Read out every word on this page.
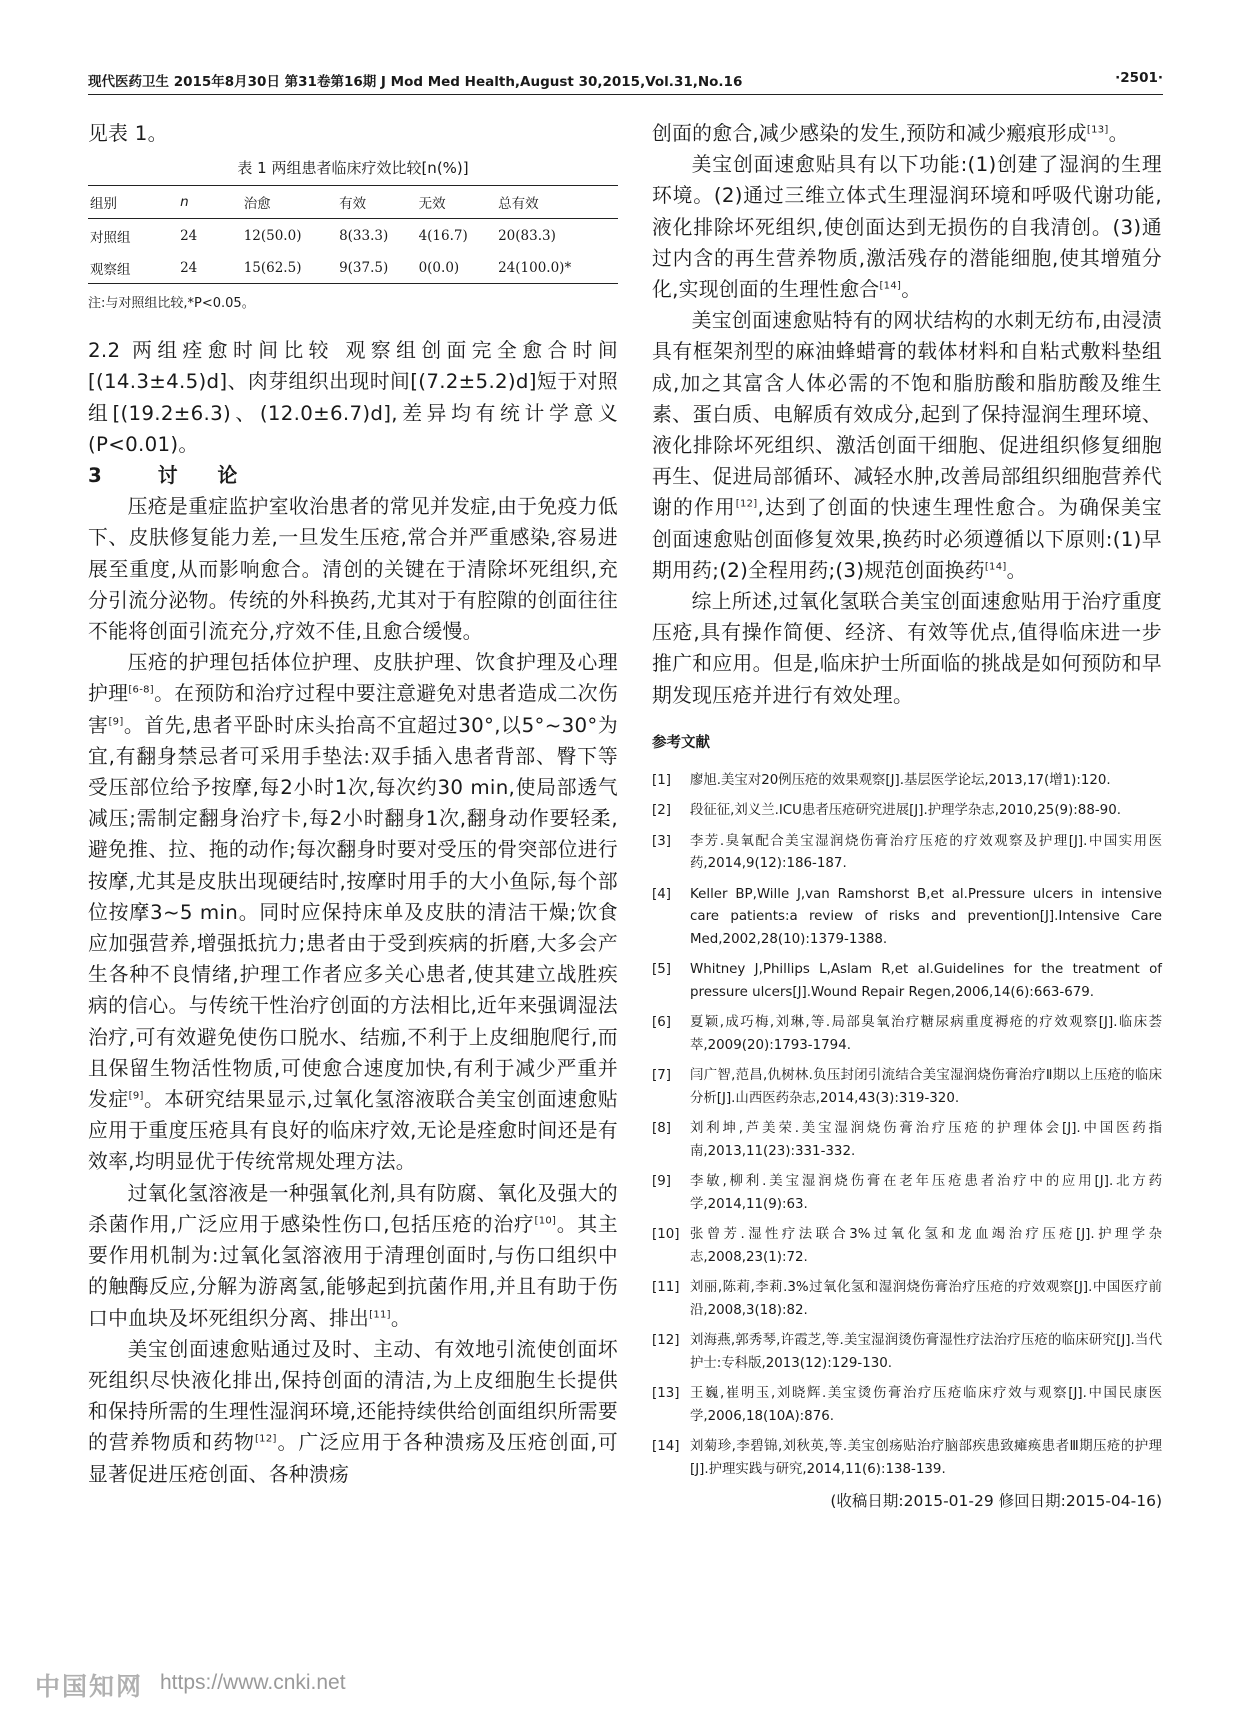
现代医药卫生 2015年8月30日 第31卷第16期 J Mod Med Health,August 30,2015,Vol.31,No.16	·2501·

见表 1。

表 1 两组患者临床疗效比较[n(%)]
组别	n	治愈	有效	无效	总有效
对照组	24	12(50.0)	8(33.3)	4(16.7)	20(83.3)
观察组	24	15(62.5)	9(37.5)	0(0.0)	24(100.0)*
注:与对照组比较,*P<0.05。

2.2 两组痊愈时间比较 观察组创面完全愈合时间[(14.3±4.5)d]、肉芽组织出现时间[(7.2±5.2)d]短于对照组[(19.2±6.3)、(12.0±6.7)d],差异均有统计学意义(P<0.01)。

3	讨论

压疮是重症监护室收治患者的常见并发症,由于免疫力低下、皮肤修复能力差,一旦发生压疮,常合并严重感染,容易进展至重度,从而影响愈合。清创的关键在于清除坏死组织,充分引流分泌物。传统的外科换药,尤其对于有腔隙的创面往往不能将创面引流充分,疗效不佳,且愈合缓慢。

压疮的护理包括体位护理、皮肤护理、饮食护理及心理护理[6-8]。在预防和治疗过程中要注意避免对患者造成二次伤害[9]。首先,患者平卧时床头抬高不宜超过30°,以5°~30°为宜,有翻身禁忌者可采用手垫法:双手插入患者背部、臀下等受压部位给予按摩,每2小时1次,每次约30 min,使局部透气减压;需制定翻身治疗卡,每2小时翻身1次,翻身动作要轻柔,避免推、拉、拖的动作;每次翻身时要对受压的骨突部位进行按摩,尤其是皮肤出现硬结时,按摩时用手的大小鱼际,每个部位按摩3~5 min。同时应保持床单及皮肤的清洁干燥;饮食应加强营养,增强抵抗力;患者由于受到疾病的折磨,大多会产生各种不良情绪,护理工作者应多关心患者,使其建立战胜疾病的信心。与传统干性治疗创面的方法相比,近年来强调湿法治疗,可有效避免使伤口脱水、结痂,不利于上皮细胞爬行,而且保留生物活性物质,可使愈合速度加快,有利于减少严重并发症[9]。本研究结果显示,过氧化氢溶液联合美宝创面速愈贴应用于重度压疮具有良好的临床疗效,无论是痊愈时间还是有效率,均明显优于传统常规处理方法。

过氧化氢溶液是一种强氧化剂,具有防腐、氧化及强大的杀菌作用,广泛应用于感染性伤口,包括压疮的治疗[10]。其主要作用机制为:过氧化氢溶液用于清理创面时,与伤口组织中的触酶反应,分解为游离氢,能够起到抗菌作用,并且有助于伤口中血块及坏死组织分离、排出[11]。

美宝创面速愈贴通过及时、主动、有效地引流使创面坏死组织尽快液化排出,保持创面的清洁,为上皮细胞生长提供和保持所需的生理性湿润环境,还能持续供给创面组织所需要的营养物质和药物[12]。广泛应用于各种溃疡及压疮创面,可显著促进压疮创面、各种溃疡

创面的愈合,减少感染的发生,预防和减少瘢痕形成[13]。

美宝创面速愈贴具有以下功能:(1)创建了湿润的生理环境。(2)通过三维立体式生理湿润环境和呼吸代谢功能,液化排除坏死组织,使创面达到无损伤的自我清创。(3)通过内含的再生营养物质,激活残存的潜能细胞,使其增殖分化,实现创面的生理性愈合[14]。

美宝创面速愈贴特有的网状结构的水刺无纺布,由浸渍具有框架剂型的麻油蜂蜡膏的载体材料和自粘式敷料垫组成,加之其富含人体必需的不饱和脂肪酸和脂肪酸及维生素、蛋白质、电解质有效成分,起到了保持湿润生理环境、液化排除坏死组织、激活创面干细胞、促进组织修复细胞再生、促进局部循环、减轻水肿,改善局部组织细胞营养代谢的作用[12],达到了创面的快速生理性愈合。为确保美宝创面速愈贴创面修复效果,换药时必须遵循以下原则:(1)早期用药;(2)全程用药;(3)规范创面换药[14]。

综上所述,过氧化氢联合美宝创面速愈贴用于治疗重度压疮,具有操作简便、经济、有效等优点,值得临床进一步推广和应用。但是,临床护士所面临的挑战是如何预防和早期发现压疮并进行有效处理。

参考文献
[1] 廖旭.美宝对20例压疮的效果观察[J].基层医学论坛,2013,17(增1):120.
[2] 段征征,刘义兰.ICU患者压疮研究进展[J].护理学杂志,2010,25(9):88-90.
[3] 李芳.臭氧配合美宝湿润烧伤膏治疗压疮的疗效观察及护理[J].中国实用医药,2014,9(12):186-187.
[4] Keller BP,Wille J,van Ramshorst B,et al.Pressure ulcers in intensive care patients:a review of risks and prevention[J].Intensive Care Med,2002,28(10):1379-1388.
[5] Whitney J,Phillips L,Aslam R,et al.Guidelines for the treatment of pressure ulcers[J].Wound Repair Regen,2006,14(6):663-679.
[6] 夏颖,成巧梅,刘琳,等.局部臭氧治疗糖尿病重度褥疮的疗效观察[J].临床荟萃,2009(20):1793-1794.
[7] 闫广智,范昌,仇树林.负压封闭引流结合美宝湿润烧伤膏治疗Ⅱ期以上压疮的临床分析[J].山西医药杂志,2014,43(3):319-320.
[8] 刘利坤,芦美荣.美宝湿润烧伤膏治疗压疮的护理体会[J].中国医药指南,2013,11(23):331-332.
[9] 李敏,柳利.美宝湿润烧伤膏在老年压疮患者治疗中的应用[J].北方药学,2014,11(9):63.
[10] 张曾芳.湿性疗法联合3%过氧化氢和龙血竭治疗压疮[J].护理学杂志,2008,23(1):72.
[11] 刘丽,陈莉,李莉.3%过氧化氢和湿润烧伤膏治疗压疮的疗效观察[J].中国医疗前沿,2008,3(18):82.
[12] 刘海燕,郭秀琴,许霞芝,等.美宝湿润烫伤膏湿性疗法治疗压疮的临床研究[J].当代护士:专科版,2013(12):129-130.
[13] 王巍,崔明玉,刘晓辉.美宝烫伤膏治疗压疮临床疗效与观察[J].中国民康医学,2006,18(10A):876.
[14] 刘菊珍,李碧锦,刘秋英,等.美宝创疡贴治疗脑部疾患致瘫痪患者Ⅲ期压疮的护理[J].护理实践与研究,2014,11(6):138-139.
(收稿日期:2015-01-29 修回日期:2015-04-16)
中国知网 https://www.cnki.net
